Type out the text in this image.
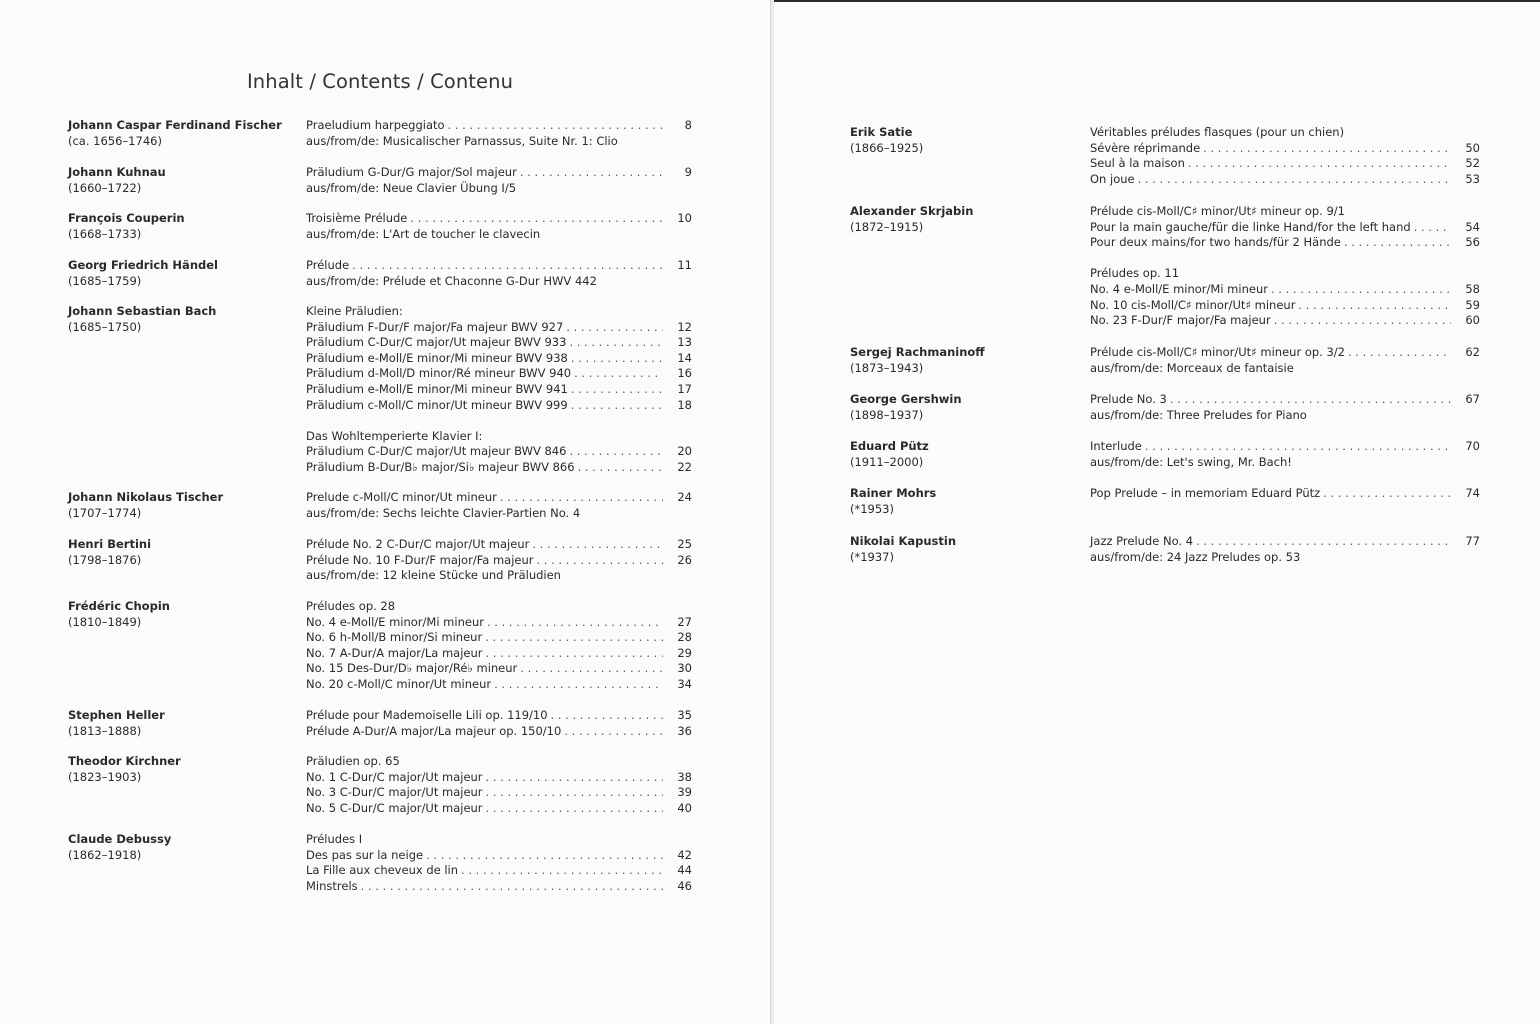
Inhalt / Contents / Contenu
Johann Caspar Ferdinand Fischer
(ca. 1656–1746)
Praeludium harpeggiato . . .	8
aus/from/de: Musicalischer Parnassus, Suite Nr. 1: Clio
Johann Kuhnau
(1660–1722)
Präludium G-Dur/G major/Sol majeur . . .	9
aus/from/de: Neue Clavier Übung I/5
François Couperin
(1668–1733)
Troisième Prélude . . .	10
aus/from/de: L'Art de toucher le clavecin
Georg Friedrich Händel
(1685–1759)
Prélude . . .	11
aus/from/de: Prélude et Chaconne G-Dur HWV 442
Johann Sebastian Bach
(1685–1750)
Kleine Präludien:
Präludium F-Dur/F major/Fa majeur BWV 927 . . .	12
Präludium C-Dur/C major/Ut majeur BWV 933 . . .	13
Präludium e-Moll/E minor/Mi mineur BWV 938 . . .	14
Präludium d-Moll/D minor/Ré mineur BWV 940 . . .	16
Präludium e-Moll/E minor/Mi mineur BWV 941 . . .	17
Präludium c-Moll/C minor/Ut mineur BWV 999 . . .	18
Das Wohltemperierte Klavier I:
Präludium C-Dur/C major/Ut majeur BWV 846 . . .	20
Präludium B-Dur/B♭ major/Si♭ majeur BWV 866 . . .	22
Johann Nikolaus Tischer
(1707–1774)
Prelude c-Moll/C minor/Ut mineur . . .	24
aus/from/de: Sechs leichte Clavier-Partien No. 4
Henri Bertini
(1798–1876)
Prélude No. 2 C-Dur/C major/Ut majeur . . .	25
Prélude No. 10 F-Dur/F major/Fa majeur . . .	26
aus/from/de: 12 kleine Stücke und Präludien
Frédéric Chopin
(1810–1849)
Préludes op. 28
No. 4 e-Moll/E minor/Mi mineur . . .	27
No. 6 h-Moll/B minor/Si mineur . . .	28
No. 7 A-Dur/A major/La majeur . . .	29
No. 15 Des-Dur/D♭ major/Ré♭ mineur . . .	30
No. 20 c-Moll/C minor/Ut mineur . . .	34
Stephen Heller
(1813–1888)
Prélude pour Mademoiselle Lili op. 119/10 . . .	35
Prélude A-Dur/A major/La majeur op. 150/10 . . .	36
Theodor Kirchner
(1823–1903)
Präludien op. 65
No. 1 C-Dur/C major/Ut majeur . . .	38
No. 3 C-Dur/C major/Ut majeur . . .	39
No. 5 C-Dur/C major/Ut majeur . . .	40
Claude Debussy
(1862–1918)
Préludes I
Des pas sur la neige . . .	42
La Fille aux cheveux de lin . . .	44
Minstrels . . .	46
Erik Satie
(1866–1925)
Véritables préludes flasques (pour un chien)
Sévère réprimande . . .	50
Seul à la maison . . .	52
On joue . . .	53
Alexander Skrjabin
(1872–1915)
Prélude cis-Moll/C♯ minor/Ut♯ mineur op. 9/1
Pour la main gauche/für die linke Hand/for the left hand . . .	54
Pour deux mains/for two hands/für 2 Hände . . .	56
Préludes op. 11
No. 4 e-Moll/E minor/Mi mineur . . .	58
No. 10 cis-Moll/C♯ minor/Ut♯ mineur . . .	59
No. 23 F-Dur/F major/Fa majeur . . .	60
Sergej Rachmaninoff
(1873–1943)
Prélude cis-Moll/C♯ minor/Ut♯ mineur op. 3/2 . . .	62
aus/from/de: Morceaux de fantaisie
George Gershwin
(1898–1937)
Prelude No. 3 . . .	67
aus/from/de: Three Preludes for Piano
Eduard Pütz
(1911–2000)
Interlude . . .	70
aus/from/de: Let's swing, Mr. Bach!
Rainer Mohrs
(*1953)
Pop Prelude – in memoriam Eduard Pütz . . .	74
Nikolai Kapustin
(*1937)
Jazz Prelude No. 4 . . .	77
aus/from/de: 24 Jazz Preludes op. 53
